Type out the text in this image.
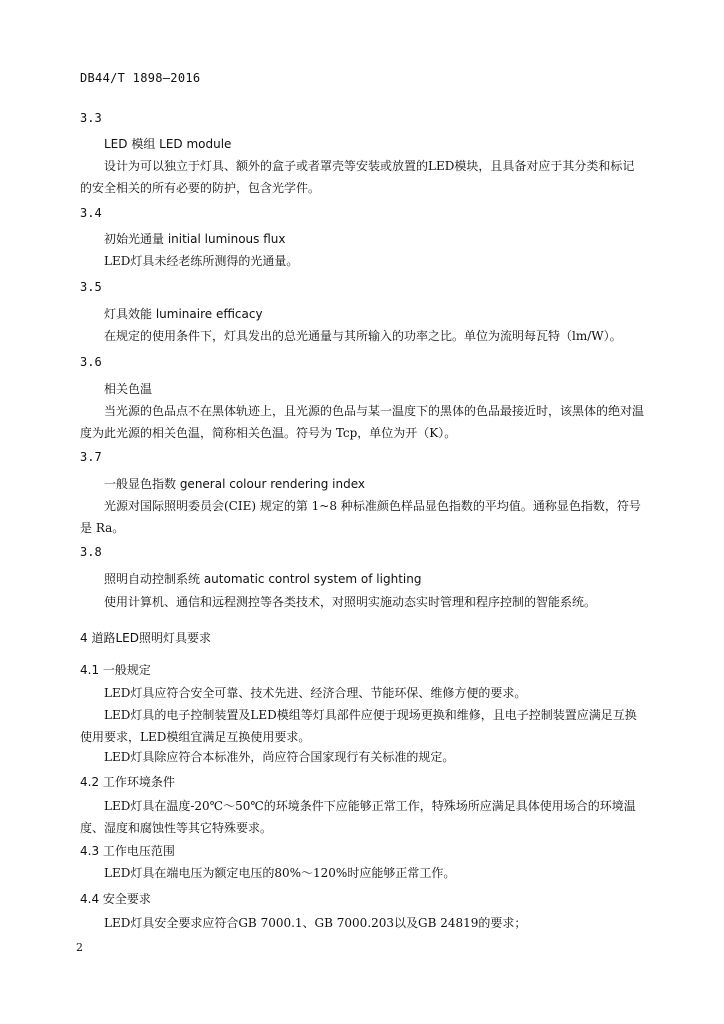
DB44/T 1898—2016
3.3
LED 模组 LED module

设计为可以独立于灯具、额外的盒子或者罩壳等安装或放置的LED模块，且具备对应于其分类和标记的安全相关的所有必要的防护，包含光学件。

3.4
初始光通量 initial luminous flux

LED灯具未经老练所测得的光通量。

3.5
灯具效能 luminaire efficacy

在规定的使用条件下，灯具发出的总光通量与其所输入的功率之比。单位为流明每瓦特（lm/W）。

3.6
相关色温

当光源的色品点不在黑体轨迹上，且光源的色品与某一温度下的黑体的色品最接近时，该黑体的绝对温度为此光源的相关色温，简称相关色温。符号为 Tcp，单位为开（K）。

3.7
一般显色指数 general colour rendering index

光源对国际照明委员会(CIE) 规定的第 1~8 种标准颜色样品显色指数的平均值。通称显色指数，符号是 Ra。

3.8
照明自动控制系统 automatic control system of lighting

使用计算机、通信和远程测控等各类技术，对照明实施动态实时管理和程序控制的智能系统。

4 道路LED照明灯具要求
4.1 一般规定

LED灯具应符合安全可靠、技术先进、经济合理、节能环保、维修方便的要求。

LED灯具的电子控制装置及LED模组等灯具部件应便于现场更换和维修，且电子控制装置应满足互换使用要求，LED模组宜满足互换使用要求。

LED灯具除应符合本标准外，尚应符合国家现行有关标准的规定。

4.2 工作环境条件

LED灯具在温度-20℃～50℃的环境条件下应能够正常工作，特殊场所应满足具体使用场合的环境温度、湿度和腐蚀性等其它特殊要求。

4.3 工作电压范围

LED灯具在端电压为额定电压的80%～120%时应能够正常工作。

4.4 安全要求

LED灯具安全要求应符合GB 7000.1、GB 7000.203以及GB 24819的要求；

2
